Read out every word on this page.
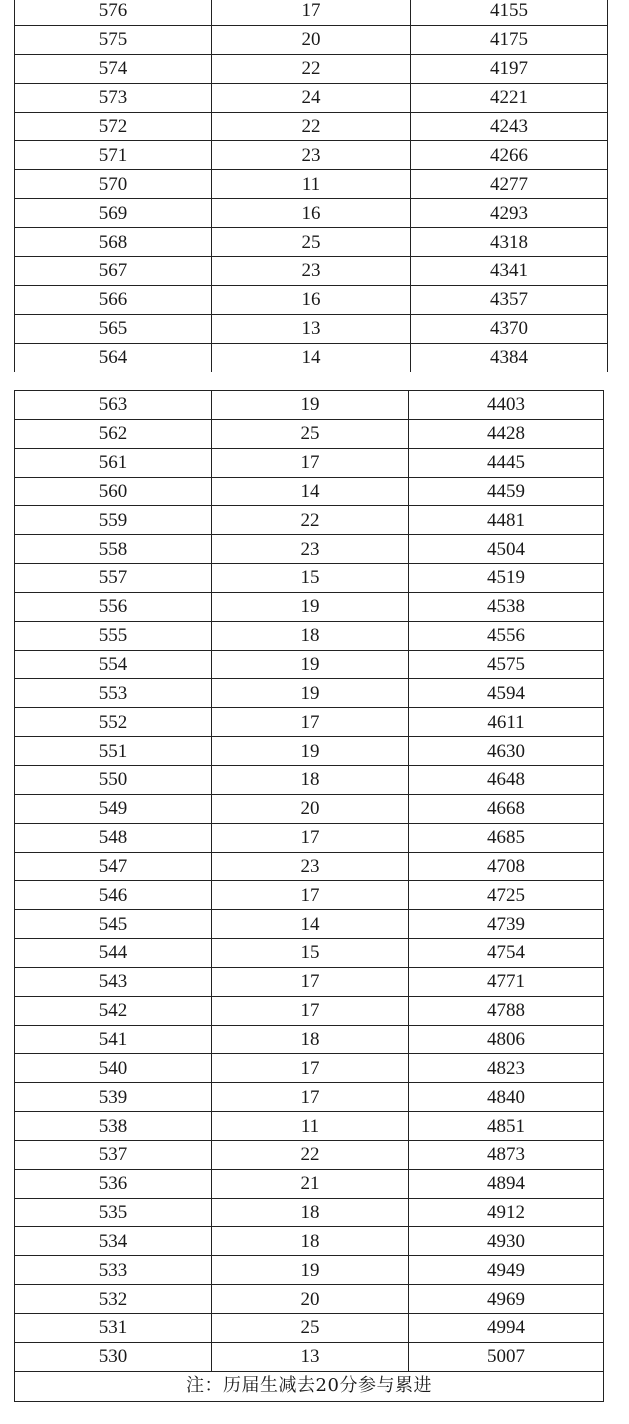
576	17	4155
575	20	4175
574	22	4197
573	24	4221
572	22	4243
571	23	4266
570	11	4277
569	16	4293
568	25	4318
567	23	4341
566	16	4357
565	13	4370
564	14	4384
563	19	4403
562	25	4428
561	17	4445
560	14	4459
559	22	4481
558	23	4504
557	15	4519
556	19	4538
555	18	4556
554	19	4575
553	19	4594
552	17	4611
551	19	4630
550	18	4648
549	20	4668
548	17	4685
547	23	4708
546	17	4725
545	14	4739
544	15	4754
543	17	4771
542	17	4788
541	18	4806
540	17	4823
539	17	4840
538	11	4851
537	22	4873
536	21	4894
535	18	4912
534	18	4930
533	19	4949
532	20	4969
531	25	4994
530	13	5007
注：历届生减去20分参与累进		
